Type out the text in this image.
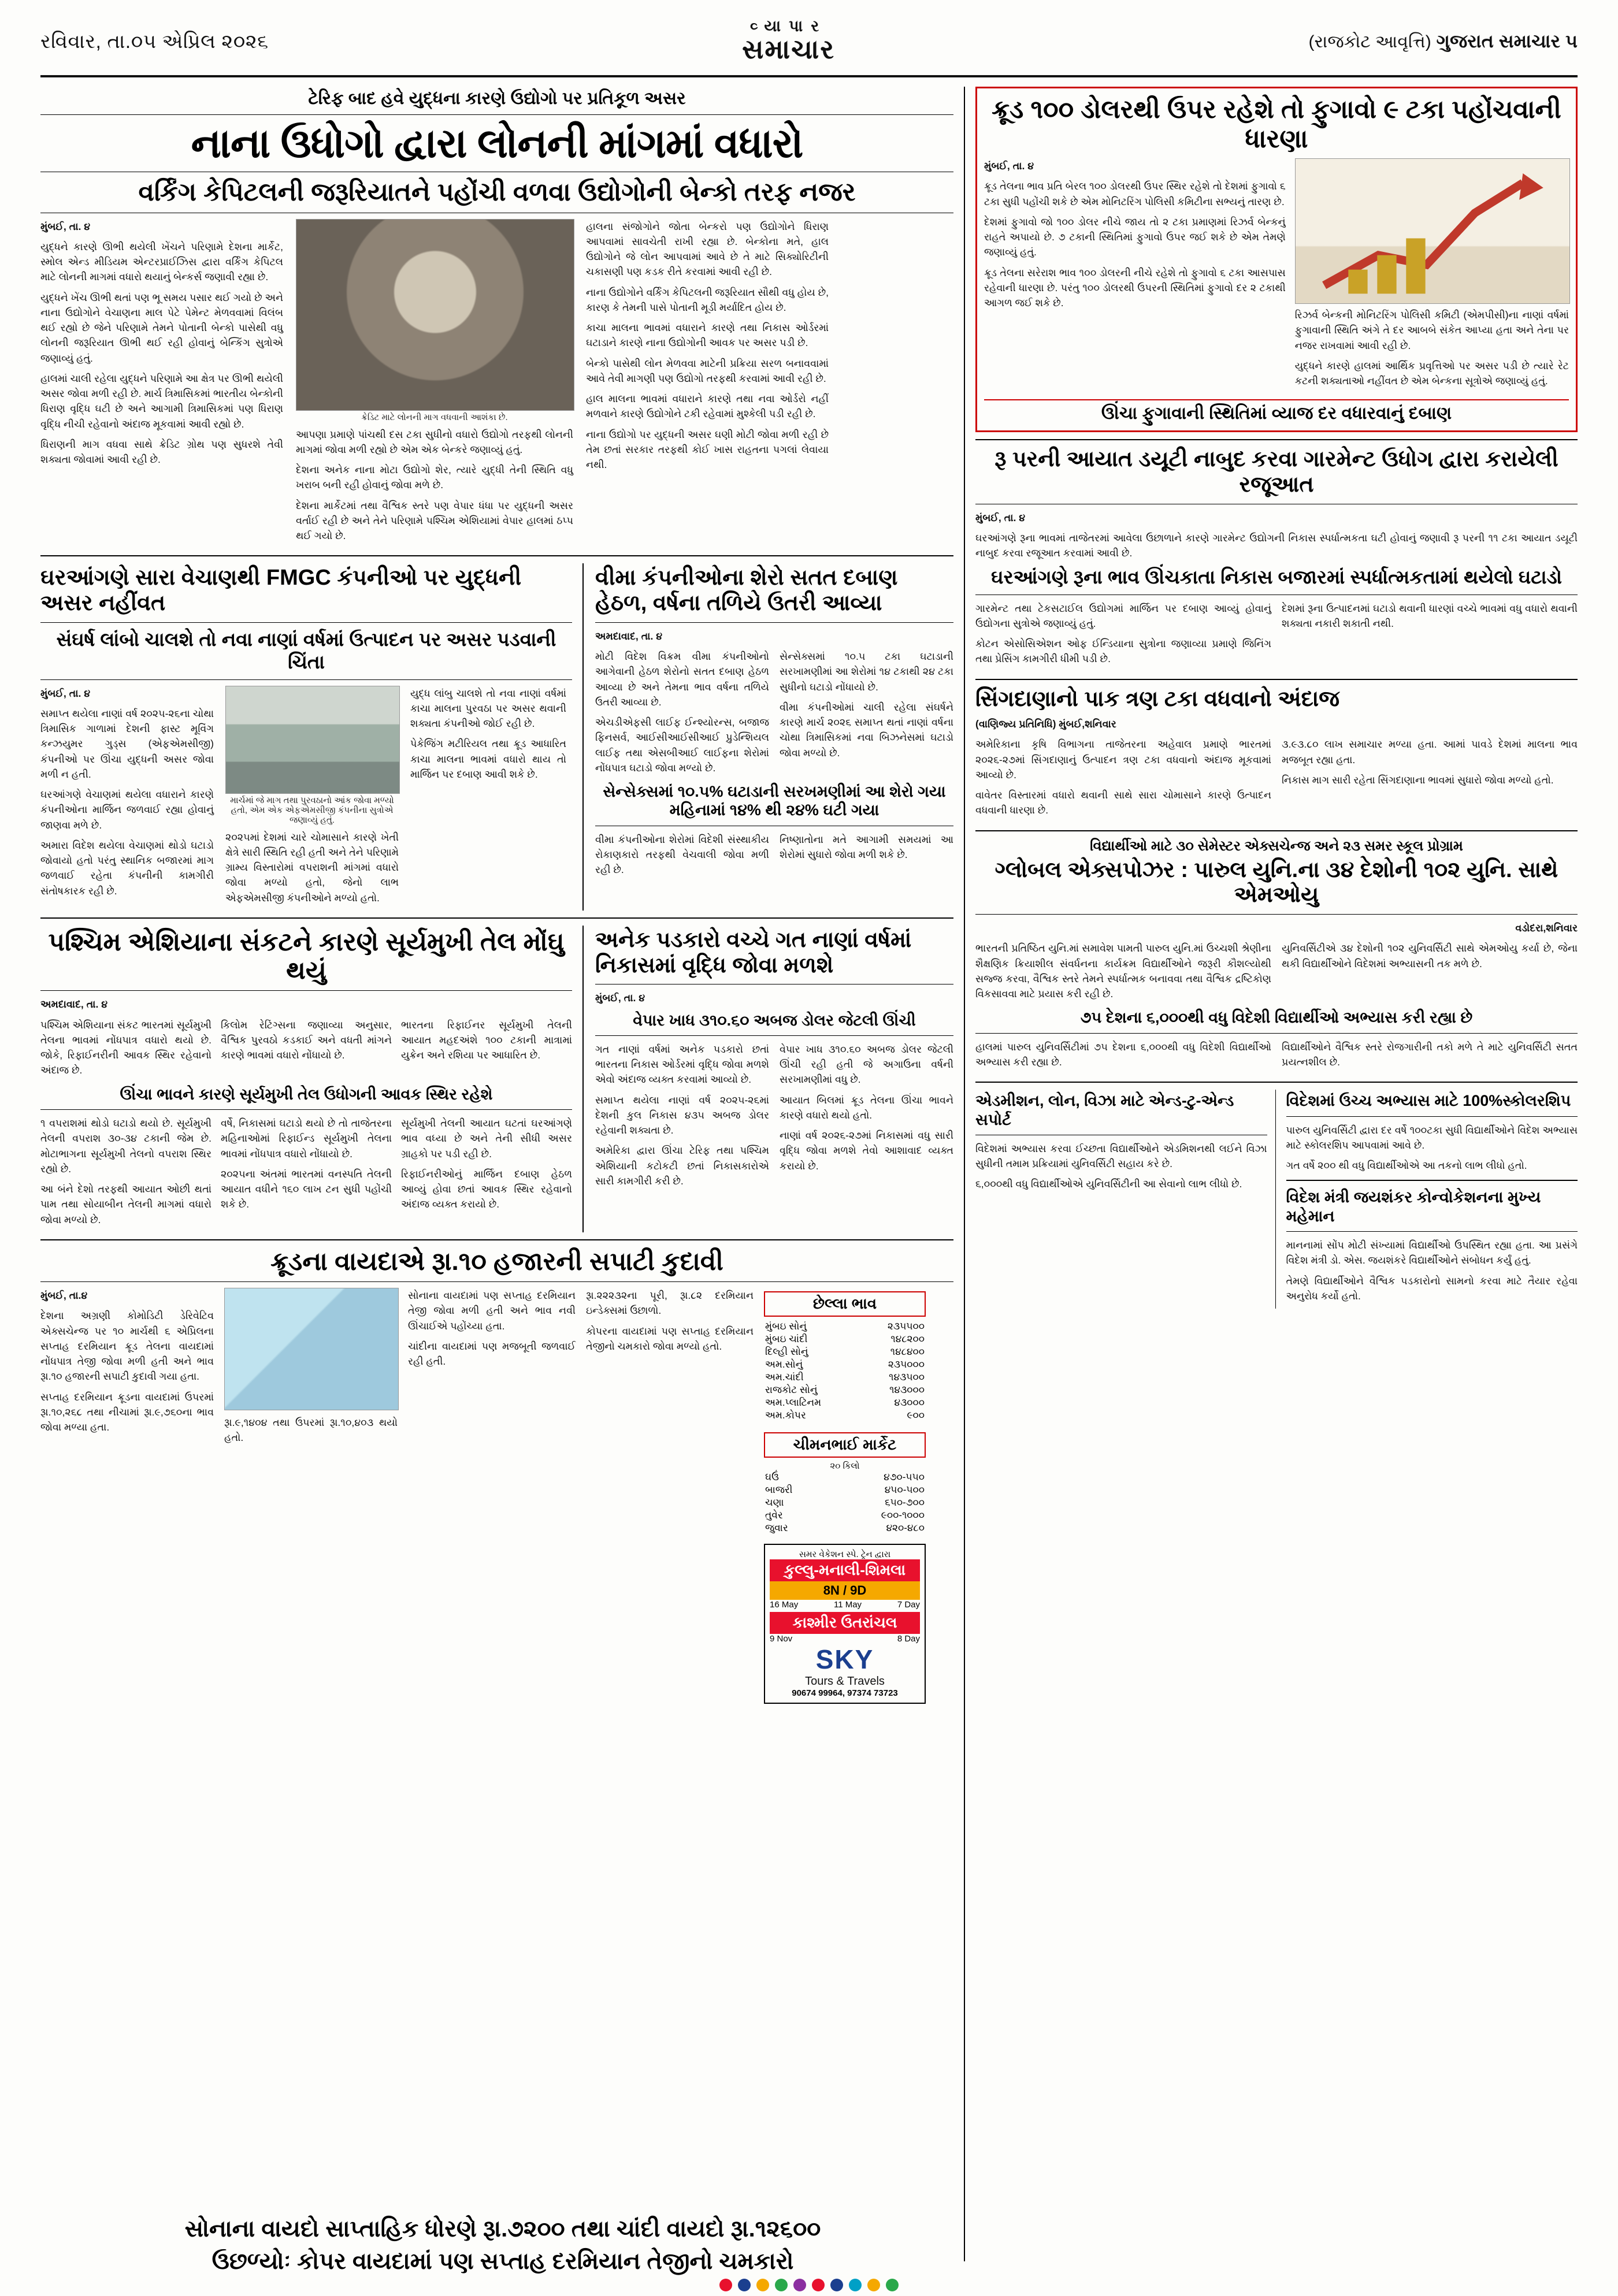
રવિવાર, તા.૦૫ એપ્રિલ ૨૦૨૬
વ્યાપાર
સમાચાર	(રાજકોટ આવૃત્તિ) ગુજરાત સમાચાર ૫
ટેરિફ બાદ હવે યુદ્ધના કારણે ઉદ્યોગો પર પ્રતિકૂળ અસર
નાના ઉધોગો દ્વારા લોનની માંગમાં વધારો
વર્કિંગ કેપિટલની જરૂરિયાતને પહોંચી વળવા ઉદ્યોગોની બેન્કો તરફ નજર

મુંબઈ, તા. ૪

યુદ્ધને કારણે ઊભી થયેલી ખેંચને પરિણામે દેશના માર્કેટ, સ્મોલ એન્ડ મીડિયમ એન્ટરપ્રાઈઝિસ દ્વારા વર્કિંગ કેપિટલ માટે લોનની માગમાં વધારો થયાનું બેન્કર્સ જણાવી રહ્યા છે.

યુદ્ધને ખેંચ ઊભી થતાં પણ ભૂ સમય પસાર થઈ ગયો છે અને નાના ઉદ્યોગોને વેચાણના માલ પેટે પેમેન્ટ મેળવવામાં વિલંબ થઈ રહ્યો છે જેને પરિણામે તેમને પોતાની બેન્કો પાસેથી વધુ લોનની જરૂરિયાત ઊભી થઈ રહી હોવાનું બેન્કિંગ સુત્રોએ જણાવ્યું હતું.

હાલમાં ચાલી રહેલા યુદ્ધને પરિણામે આ ક્ષેત્ર પર ઊભી થયેલી અસર જોવા મળી રહી છે. માર્ચ ત્રિમાસિકમાં ભારતીય બેન્કોની ધિરાણ વૃદ્ધિ ઘટી છે અને આગામી ત્રિમાસિકમાં પણ ધિરાણ વૃદ્ધિ નીચી રહેવાનો અંદાજ મૂકવામાં આવી રહ્યો છે.

ધિરાણની માગ વધવા સાથે ક્રેડિટ ગ્રોથ પણ સુધરશે તેવી શક્યતા જોવામાં આવી રહી છે.

ક્રેડિટ માટે લોનની માગ વધવાની આશંકા છે.

આપણા પ્રમાણે પાંચથી દસ ટકા સુધીનો વધારો ઉદ્યોગો તરફથી લોનની માગમાં જોવા મળી રહ્યો છે એમ એક બેન્કરે જણાવ્યું હતું.

દેશના અનેક નાના મોટા ઉદ્યોગો શેર, ત્યારે યુદ્ધી તેની સ્થિતિ વધુ ખરાબ બની રહી હોવાનું જોવા મળે છે.

દેશના માર્કેટમાં તથા વૈશ્વિક સ્તરે પણ વેપાર ધંધા પર યુદ્ધની અસર વર્તાઈ રહી છે અને તેને પરિણામે પશ્ચિમ એશિયામાં વેપાર હાલમાં ઠપ્પ થઈ ગયો છે.

હાલના સંજોગોને જોતા બેન્કરો પણ ઉદ્યોગોને ધિરાણ આપવામાં સાવચેતી રાખી રહ્યા છે. બેન્કોના મતે, હાલ ઉદ્યોગોને જે લોન આપવામાં આવે છે તે માટે સિક્યોરિટીની ચકાસણી પણ કડક રીતે કરવામાં આવી રહી છે.

નાના ઉદ્યોગોને વર્કિંગ કેપિટલની જરૂરિયાત સૌથી વધુ હોય છે, કારણ કે તેમની પાસે પોતાની મૂડી મર્યાદિત હોય છે.

કાચા માલના ભાવમાં વધારાને કારણે તથા નિકાસ ઓર્ડરમાં ઘટાડાને કારણે નાના ઉદ્યોગોની આવક પર અસર પડી છે.

બેન્કો પાસેથી લોન મેળવવા માટેની પ્રક્રિયા સરળ બનાવવામાં આવે તેવી માગણી પણ ઉદ્યોગો તરફથી કરવામાં આવી રહી છે.

હાલ માલના ભાવમાં વધારાને કારણે તથા નવા ઓર્ડરો નહીં મળવાને કારણે ઉદ્યોગોને ટકી રહેવામાં મુશ્કેલી પડી રહી છે.

નાના ઉદ્યોગો પર યુદ્ધની અસર ઘણી મોટી જોવા મળી રહી છે તેમ છતાં સરકાર તરફથી કોઈ ખાસ રાહતના પગલાં લેવાયા નથી.

ઘરઆંગણે સારા વેચાણથી FMGC કંપનીઓ પર યુદ્ધની અસર નહીંવત
સંઘર્ષ લાંબો ચાલશે તો નવા નાણાં વર્ષમાં ઉત્પાદન પર અસર પડવાની ચિંતા

મુંબઈ, તા. ૪

સમાપ્ત થયેલા નાણાં વર્ષ ૨૦૨૫-૨૬ના ચોથા ત્રિમાસિક ગાળામાં દેશની ફાસ્ટ મૂવિંગ કન્ઝયુમર ગુડ્સ (એફએમસીજી) કંપનીઓ પર ઊંચા યુદ્ધની અસર જોવા મળી ન હતી.

ઘરઆંગણે વેચાણમાં થયેલા વધારાને કારણે કંપનીઓના માર્જિન જળવાઈ રહ્યા હોવાનું જાણવા મળે છે.

અમારા વિદેશ થયેલા વેચાણમાં થોડો ઘટાડો જોવાયો હતો પરંતુ સ્થાનિક બજારમાં માગ જળવાઈ રહેતા કંપનીની કામગીરી સંતોષકારક રહી છે.

માર્ચમાં જે માગ તથા પુરવઠાનો આંક જોવા મળ્યો હતો, એમ એક એફએમસીજી કંપનીના સુત્રોએ જણાવ્યું હતું.

૨૦૨૫માં દેશમાં ચારે ચોમાસાને કારણે ખેતી ક્ષેત્રે સારી સ્થિતિ રહી હતી અને તેને પરિણામે ગ્રામ્ય વિસ્તારોમાં વપરાશની માંગમાં વધારો જોવા મળ્યો હતો, જેનો લાભ એફએમસીજી કંપનીઓને મળ્યો હતો.

યુદ્ધ લાંબુ ચાલશે તો નવા નાણાં વર્ષમાં કાચા માલના પુરવઠા પર અસર થવાની શક્યતા કંપનીઓ જોઈ રહી છે.

પેકેજિંગ મટીરિયલ તથા ક્રૂડ આધારિત કાચા માલના ભાવમાં વધારો થાય તો માર્જિન પર દબાણ આવી શકે છે.

વીમા કંપનીઓના શેરો સતત દબાણ હેઠળ, વર્ષના તળિયે ઉતરી આવ્યા

અમદાવાદ, તા. ૪

મોટી વિદેશ વિક્રમ વીમા કંપનીઓનો આગેવાની હેઠળ શેરોનો સતત દબાણ હેઠળ આવ્યા છે અને તેમના ભાવ વર્ષના તળિયે ઉતરી આવ્યા છે.

એચડીએફસી લાઈફ ઈન્શ્યોરન્સ, બજાજ ફિનસર્વ, આઈસીઆઈસીઆઈ પ્રુડેન્શિયલ લાઈફ તથા એસબીઆઈ લાઈફના શેરોમાં નોંધપાત્ર ઘટાડો જોવા મળ્યો છે.

સેન્સેક્સમાં ૧૦.૫ ટકા ઘટાડાની સરખામણીમાં આ શેરોમાં ૧૪ ટકાથી ૨૪ ટકા સુધીનો ઘટાડો નોંધાયો છે.

વીમા કંપનીઓમાં ચાલી રહેલા સંઘર્ષને કારણે માર્ચ ૨૦૨૬ સમાપ્ત થતાં નાણાં વર્ષના ચોથા ત્રિમાસિકમાં નવા બિઝનેસમાં ઘટાડો જોવા મળ્યો છે.

સેન્સેક્સમાં ૧૦.૫% ઘટાડાની સરખમણીમાં આ શેરો ગયા મહિનામાં ૧૪% થી ૨૪% ઘટી ગયા

વીમા કંપનીઓના શેરોમાં વિદેશી સંસ્થાકીય રોકાણકારો તરફથી વેચવાલી જોવા મળી રહી છે.

નિષ્ણાતોના મતે આગામી સમયમાં આ શેરોમાં સુધારો જોવા મળી શકે છે.

પશ્ચિમ એશિયાના સંકટને કારણે સૂર્યમુખી તેલ મોંઘુ થયું

અમદાવાદ, તા. ૪

પશ્ચિમ એશિયાના સંકટ ભારતમાં સૂર્યમુખી તેલના ભાવમાં નોંધપાત્ર વધારો થયો છે. જોકે, રિફાઈનરીની આવક સ્થિર રહેવાનો અંદાજ છે.

કિલોમ રેટિંગ્સના જણાવ્યા અનુસાર, વૈશ્વિક પુરવઠો કડકાઈ અને વધતી માંગને કારણે ભાવમાં વધારો નોંધાયો છે.

ભારતના રિફાઈનર સૂર્યમુખી તેલની આયાત મહદઅંશે ૧૦૦ ટકાની માત્રામાં યુક્રેન અને રશિયા પર આધારિત છે.

ઊંચા ભાવને કારણે સૂર્યમુખી તેલ ઉધોગની આવક સ્થિર રહેશે

૧ વપરાશમાં થોડો ઘટાડો થયો છે. સૂર્યમુખી તેલની વપરાશ ૩૦-૩૪ ટકાની જેમ છે. મોટાભાગના સૂર્યમુખી તેલનો વપરાશ સ્થિર રહ્યો છે.

આ બંને દેશો તરફથી આયાત ઓછી થતાં પામ તથા સોયાબીન તેલની માગમાં વધારો જોવા મળ્યો છે.

વર્ષે, નિકાસમાં ઘટાડો થયો છે તો તાજેતરના મહિનાઓમાં રિફાઈન્ડ સૂર્યમુખી તેલના ભાવમાં નોંધપાત્ર વધારો નોંધાયો છે.

૨૦૨૫ના અંતમાં ભારતમાં વનસ્પતિ તેલની આયાત વધીને ૧૬૦ લાખ ટન સુધી પહોંચી શકે છે.

સૂર્યમુખી તેલની આયાત ઘટતાં ઘરઆંગણે ભાવ વધ્યા છે અને તેની સીધી અસર ગ્રાહકો પર પડી રહી છે.

રિફાઈનરીઓનું માર્જિન દબાણ હેઠળ આવ્યું હોવા છતાં આવક સ્થિર રહેવાનો અંદાજ વ્યક્ત કરાયો છે.

અનેક પડકારો વચ્ચે ગત નાણાં વર્ષમાં નિકાસમાં વૃદ્ધિ જોવા મળશે

મુંબઈ, તા. ૪

વેપાર ખાધ ૩૧૦.૬૦ અબજ ડોલર જેટલી ઊંચી

ગત નાણાં વર્ષમાં અનેક પડકારો છતાં ભારતના નિકાસ ઓર્ડરમાં વૃદ્ધિ જોવા મળશે એવો અંદાજ વ્યક્ત કરવામાં આવ્યો છે.

સમાપ્ત થયેલા નાણાં વર્ષ ૨૦૨૫-૨૬માં દેશની કુલ નિકાસ ૪૩૫ અબજ ડોલર રહેવાની શક્યતા છે.

અમેરિકા દ્વારા ઊંચા ટેરિફ તથા પશ્ચિમ એશિયાની કટોકટી છતાં નિકાસકારોએ સારી કામગીરી કરી છે.

વેપાર ખાધ ૩૧૦.૬૦ અબજ ડોલર જેટલી ઊંચી રહી હતી જે અગાઉના વર્ષની સરખામણીમાં વધુ છે.

આયાત બિલમાં ક્રૂડ તેલના ઊંચા ભાવને કારણે વધારો થયો હતો.

નાણાં વર્ષ ૨૦૨૬-૨૭માં નિકાસમાં વધુ સારી વૃદ્ધિ જોવા મળશે તેવો આશાવાદ વ્યક્ત કરાયો છે.

ક્રૂડના વાયદાએ રૂા.૧૦ હજારની સપાટી કુદાવી

મુંબઈ, તા.૪

દેશના અગ્રણી કોમોડિટી ડેરિવેટિવ એક્સચેન્જ પર ૧૦ માર્ચથી ૬ એપ્રિલના સપ્તાહ દરમિયાન ક્રૂડ તેલના વાયદામાં નોંધપાત્ર તેજી જોવા મળી હતી અને ભાવ રૂા.૧૦ હજારની સપાટી કુદાવી ગયા હતા.

સપ્તાહ દરમિયાન ક્રૂડના વાયદામાં ઉપરમાં રૂા.૧૦,૨૬૮ તથા નીચામાં રૂા.૯,૭૬૦ના ભાવ જોવા મળ્યા હતા.	રૂા.૯,૧૪૦૪ તથા ઉપરમાં રૂા.૧૦,૪૦૩ થયો હતો.

સોનાના વાયદામાં પણ સપ્તાહ દરમિયાન તેજી જોવા મળી હતી અને ભાવ નવી ઊંચાઈએ પહોંચ્યા હતા.

ચાંદીના વાયદામાં પણ મજબૂતી જળવાઈ રહી હતી.

રૂા.૨૨૨૩૨ના પૂરી, રૂા.૮૨ દરમિયાન ઇન્ડેક્સમાં ઉછાળો.

કોપરના વાયદામાં પણ સપ્તાહ દરમિયાન તેજીનો ચમકારો જોવા મળ્યો હતો.

છેલ્લા ભાવ
મુંબઇ સોનું	૨૩૫૫૦૦
મુંબઇ ચાંદી	૧૪૮૨૦૦
દિલ્હી સોનું	૧૪૮૪૦૦
અમ.સોનું	૨૩૫૦૦૦
અમ.ચાંદી	૧૪૩૫૦૦
રાજકોટ સોનું	૧૪૩૦૦૦
અમ.પ્લાટિનમ	૪૩૦૦૦
અમ.કોપર	૯૦૦
ચીમનભાઈ માર્કેટ
૨૦ કિલો
ઘઉં	૪૭૦-૫૫૦
બાજરી	૪૫૦-૫૦૦
ચણા	૬૫૦-૭૦૦
તુવેર	૯૦૦-૧૦૦૦
જુવાર	૪૨૦-૪૮૦
સમર વેકેશન સ્પે. ટ્રેન દ્વારા
કુલ્લુ-મનાલી-શિમલા
8N / 9D
16 May	11 May	7 Day
કાશ્મીર ઉતરાંચલ
9 Nov	8 Day
SKY
Tours & Travels
90674 99964, 97374 73723
ક્રૂડ ૧૦૦ ડોલરથી ઉપર રહેશે તો ફુગાવો ૯ ટકા પહોંચવાની ધારણા

મુંબઈ, તા. ૪

ક્રૂડ તેલના ભાવ પ્રતિ બેરલ ૧૦૦ ડોલરથી ઉપર સ્થિર રહેશે તો દેશમાં ફુગાવો ૬ ટકા સુધી પહોંચી શકે છે એમ મોનિટરિંગ પોલિસી કમિટીના સભ્યનું તારણ છે.

દેશમાં ફુગાવો જો ૧૦૦ ડોલર નીચે જાય તો ૨ ટકા પ્રમાણમાં રિઝર્વ બેન્કનું રાહતે અપાયો છે. ૭ ટકાની સ્થિતિમાં ફુગાવો ઉપર જઈ શકે છે એમ તેમણે જણાવ્યું હતું.

ક્રૂડ તેલના સરેરાશ ભાવ ૧૦૦ ડોલરની નીચે રહેશે તો ફુગાવો ૬ ટકા આસપાસ રહેવાની ધારણા છે. પરંતુ ૧૦૦ ડોલરથી ઉપરની સ્થિતિમાં ફુગાવો દર ૨ ટકાથી આગળ જઈ શકે છે.

રિઝર્વ બેન્કની મોનિટરિંગ પોલિસી કમિટી (એમપીસી)ના નાણાં વર્ષમાં ફુગાવાની સ્થિતિ અંગે તે દર આબબે સંકેત આપ્યા હતા અને તેના પર નજર રાખવામાં આવી રહી છે.

યુદ્ધને કારણે હાલમાં આર્થિક પ્રવૃત્તિઓ પર અસર પડી છે ત્યારે રેટ કટની શક્યતાઓ નહીંવત છે એમ બેન્કના સૂત્રોએ જણાવ્યું હતું.

ઊંચા ફુગાવાની સ્થિતિમાં વ્યાજ દર વધારવાનું દબાણ
રૂ પરની આયાત ડયૂટી નાબુદ કરવા ગારમેન્ટ ઉધોગ દ્વારા કરાયેલી રજૂઆત

મુંબઈ, તા. ૪

ઘરઆંગણે રૂના ભાવમાં તાજેતરમાં આવેલા ઉછાળાને કારણે ગારમેન્ટ ઉદ્યોગની નિકાસ સ્પર્ધાત્મકતા ઘટી હોવાનું જણાવી રૂ પરની ૧૧ ટકા આયાત ડયૂટી નાબુદ કરવા રજૂઆત કરવામાં આવી છે.

ઘરઆંગણે રૂના ભાવ ઊંચકાતા નિકાસ બજારમાં સ્પર્ધાત્મકતામાં થયેલો ઘટાડો

ગારમેન્ટ તથા ટેકસટાઈલ ઉદ્યોગમાં માર્જિન પર દબાણ આવ્યું હોવાનું ઉદ્યોગના સુત્રોએ જણાવ્યું હતું.

કોટન એસોસિએશન ઓફ ઈન્ડિયાના સુત્રોના જણાવ્યા પ્રમાણે જિનિંગ તથા પ્રેસિંગ કામગીરી ધીમી પડી છે.

દેશમાં રૂના ઉત્પાદનમાં ઘટાડો થવાની ધારણાં વચ્ચે ભાવમાં વધુ વધારો થવાની શક્યતા નકારી શકાતી નથી.

સિંગદાણાનો પાક ત્રણ ટકા વધવાનો અંદાજ

(વાણિજ્ય પ્રતિનિધિ) મુંબઈ,શનિવાર

અમેરિકાના કૃષિ વિભાગના તાજેતરના અહેવાલ પ્રમાણે ભારતમાં ૨૦૨૬-૨૭માં સિંગદાણાનું ઉત્પાદન ત્રણ ટકા વધવાનો અંદાજ મૂકવામાં આવ્યો છે.

વાવેતર વિસ્તારમાં વધારો થવાની સાથે સારા ચોમાસાને કારણે ઉત્પાદન વધવાની ધારણા છે.

૩.૯૩.૮૦ લાખ સમાચાર મળ્યા હતા. આમાં પાવડે દેશમાં માલના ભાવ મજબૂત રહ્યા હતા.

નિકાસ માગ સારી રહેતા સિંગદાણાના ભાવમાં સુધારો જોવા મળ્યો હતો.

વિદ્યાર્થીઓ માટે ૩૦ સેમેસ્ટર એક્સચેન્જ અને ૨૩ સમર સ્કૂલ પ્રોગ્રામ
ગ્લોબલ એક્સપોઝર : પારુલ યુનિ.ના ૩૪ દેશોની ૧૦૨ યુનિ. સાથે એમઓયુ

વડોદરા,શનિવાર

ભારતની પ્રતિષ્ઠિત યુનિ.માં સમાવેશ પામતી પારુલ યુનિ.માં ઉચ્ચશી શ્રેણીના શૈક્ષણિક ક્રિયાશીલ સંવર્ધનના કાર્યક્રમ વિદ્યાર્થીઓને જરૂરી કૌશલ્યોથી સજ્જ કરવા, વૈશ્વિક સ્તરે તેમને સ્પર્ધાત્મક બનાવવા તથા વૈશ્વિક દ્રષ્ટિકોણ વિકસાવવા માટે પ્રયાસ કરી રહી છે.

યુનિવર્સિટીએ ૩૪ દેશોની ૧૦૨ યુનિવર્સિટી સાથે એમઓયુ કર્યા છે, જેના થકી વિદ્યાર્થીઓને વિદેશમાં અભ્યાસની તક મળે છે.

૭૫ દેશના ૬,૦૦૦થી વધુ વિદેશી વિદ્યાર્થીઓ અભ્યાસ કરી રહ્યા છે

હાલમાં પારુલ યુનિવર્સિટીમાં ૭૫ દેશના ૬,૦૦૦થી વધુ વિદેશી વિદ્યાર્થીઓ અભ્યાસ કરી રહ્યા છે.

વિદ્યાર્થીઓને વૈશ્વિક સ્તરે રોજગારીની તકો મળે તે માટે યુનિવર્સિટી સતત પ્રયત્નશીલ છે.

એડમીશન, લોન, વિઝા માટે એન્ડ-ટુ-એન્ડ સપોર્ટ

વિદેશમાં અભ્યાસ કરવા ઈચ્છતા વિદ્યાર્થીઓને એડમિશનથી લઈને વિઝા સુધીની તમામ પ્રક્રિયામાં યુનિવર્સિટી સહાય કરે છે.

૬,૦૦૦થી વધુ વિદ્યાર્થીઓએ યુનિવર્સિટીની આ સેવાનો લાભ લીધો છે.

વિદેશમાં ઉચ્ચ અભ્યાસ માટે 100%સ્કોલરશિપ

પારુલ યુનિવર્સિટી દ્વારા દર વર્ષે ૧૦૦ટકા સુધી વિદ્યાર્થીઓને વિદેશ અભ્યાસ માટે સ્કોલરશિપ આપવામાં આવે છે.

ગત વર્ષે ૨૦૦ થી વધુ વિદ્યાર્થીઓએ આ તકનો લાભ લીધો હતો.

વિદેશ મંત્રી જયશંકર કોન્વોકેશનના મુખ્ય મહેમાન

માનનામાં સોંપ મોટી સંખ્યામાં વિદ્યાર્થીઓ ઉપસ્થિત રહ્યા હતા. આ પ્રસંગે વિદેશ મંત્રી ડો. એસ. જયશંકરે વિદ્યાર્થીઓને સંબોધન કર્યું હતું.

તેમણે વિદ્યાર્થીઓને વૈશ્વિક પડકારોનો સામનો કરવા માટે તૈયાર રહેવા અનુરોધ કર્યો હતો.

સોનાના વાયદો સાપ્તાહિક ધોરણે રૂા.૭૨૦૦ તથા ચાંદી વાયદો રૂા.૧૨૬૦૦
ઉછળ્યોઃ કોપર વાયદામાં પણ સપ્તાહ દરમિયાન તેજીનો ચમકારો
